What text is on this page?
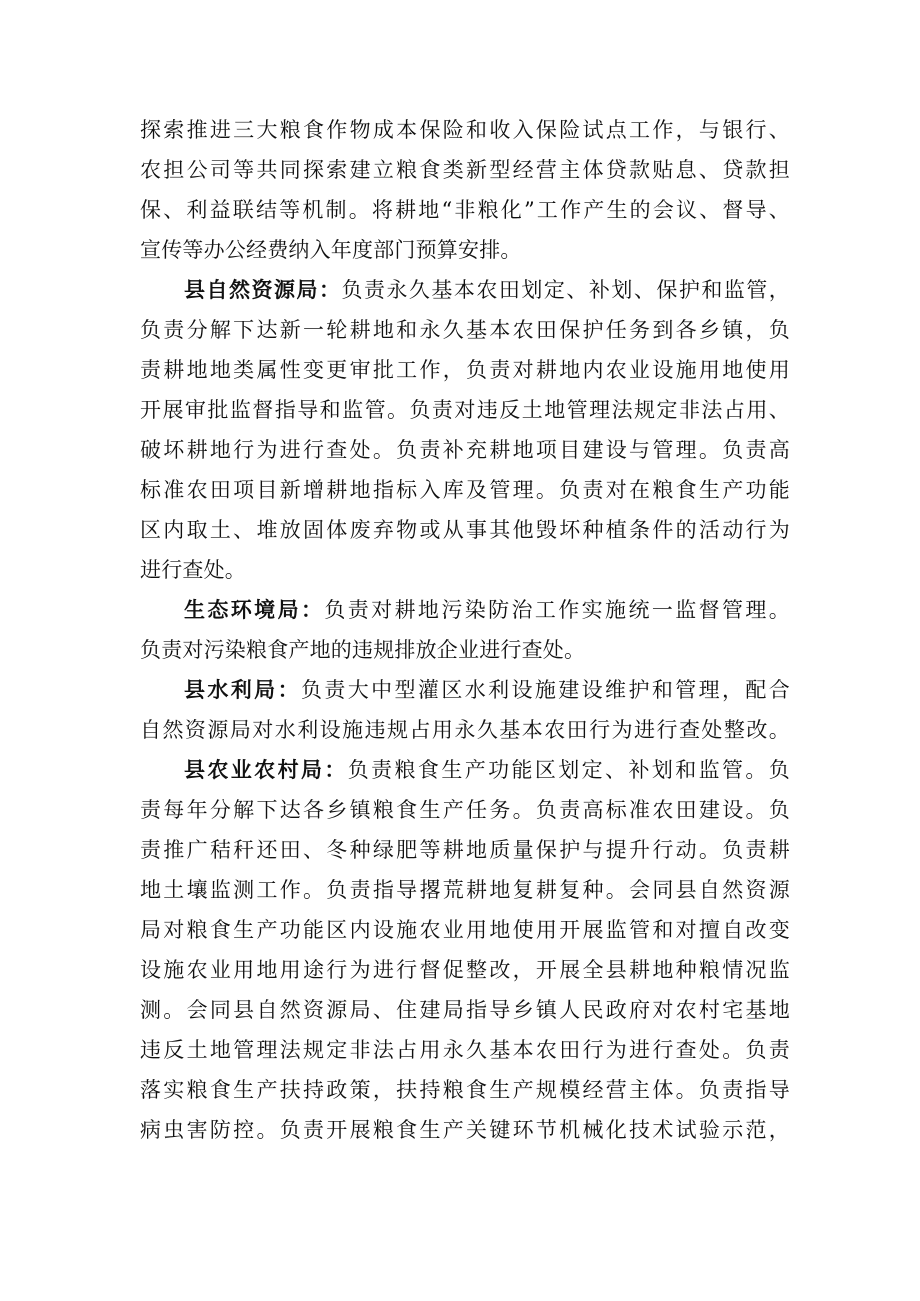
探索推进三大粮食作物成本保险和收入保险试点工作，与银行、
农担公司等共同探索建立粮食类新型经营主体贷款贴息、贷款担
保、利益联结等机制。将耕地“非粮化”工作产生的会议、督导、
宣传等办公经费纳入年度部门预算安排。
县自然资源局：负责永久基本农田划定、补划、保护和监管，
负责分解下达新一轮耕地和永久基本农田保护任务到各乡镇，负
责耕地地类属性变更审批工作，负责对耕地内农业设施用地使用
开展审批监督指导和监管。负责对违反土地管理法规定非法占用、
破坏耕地行为进行查处。负责补充耕地项目建设与管理。负责高
标准农田项目新增耕地指标入库及管理。负责对在粮食生产功能
区内取土、堆放固体废弃物或从事其他毁坏种植条件的活动行为
进行查处。
生态环境局：负责对耕地污染防治工作实施统一监督管理。
负责对污染粮食产地的违规排放企业进行查处。
县水利局：负责大中型灌区水利设施建设维护和管理，配合
自然资源局对水利设施违规占用永久基本农田行为进行查处整改。
县农业农村局：负责粮食生产功能区划定、补划和监管。负
责每年分解下达各乡镇粮食生产任务。负责高标准农田建设。负
责推广秸秆还田、冬种绿肥等耕地质量保护与提升行动。负责耕
地土壤监测工作。负责指导撂荒耕地复耕复种。会同县自然资源
局对粮食生产功能区内设施农业用地使用开展监管和对擅自改变
设施农业用地用途行为进行督促整改，开展全县耕地种粮情况监
测。会同县自然资源局、住建局指导乡镇人民政府对农村宅基地
违反土地管理法规定非法占用永久基本农田行为进行查处。负责
落实粮食生产扶持政策，扶持粮食生产规模经营主体。负责指导
病虫害防控。负责开展粮食生产关键环节机械化技术试验示范，
